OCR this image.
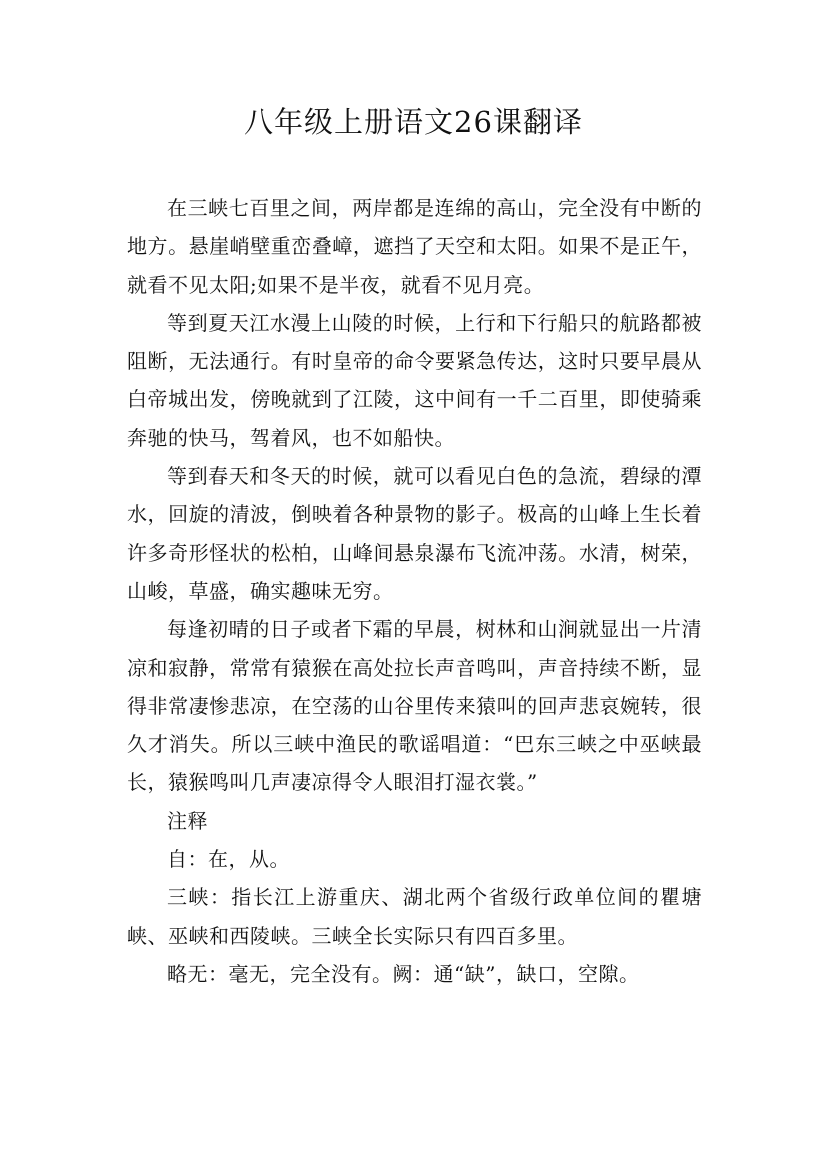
八年级上册语文26课翻译

在三峡七百里之间，两岸都是连绵的高山，完全没有中断的地方。悬崖峭壁重峦叠嶂，遮挡了天空和太阳。如果不是正午，就看不见太阳;如果不是半夜，就看不见月亮。

等到夏天江水漫上山陵的时候，上行和下行船只的航路都被阻断，无法通行。有时皇帝的命令要紧急传达，这时只要早晨从白帝城出发，傍晚就到了江陵，这中间有一千二百里，即使骑乘奔驰的快马，驾着风，也不如船快。

等到春天和冬天的时候，就可以看见白色的急流，碧绿的潭水，回旋的清波，倒映着各种景物的影子。极高的山峰上生长着许多奇形怪状的松柏，山峰间悬泉瀑布飞流冲荡。水清，树荣，山峻，草盛，确实趣味无穷。

每逢初晴的日子或者下霜的早晨，树林和山涧就显出一片清凉和寂静，常常有猿猴在高处拉长声音鸣叫，声音持续不断，显得非常凄惨悲凉，在空荡的山谷里传来猿叫的回声悲哀婉转，很久才消失。所以三峡中渔民的歌谣唱道：“巴东三峡之中巫峡最长，猿猴鸣叫几声凄凉得令人眼泪打湿衣裳。”

注释

自：在，从。

三峡：指长江上游重庆、湖北两个省级行政单位间的瞿塘峡、巫峡和西陵峡。三峡全长实际只有四百多里。

略无：毫无，完全没有。阙：通“缺”，缺口，空隙。
